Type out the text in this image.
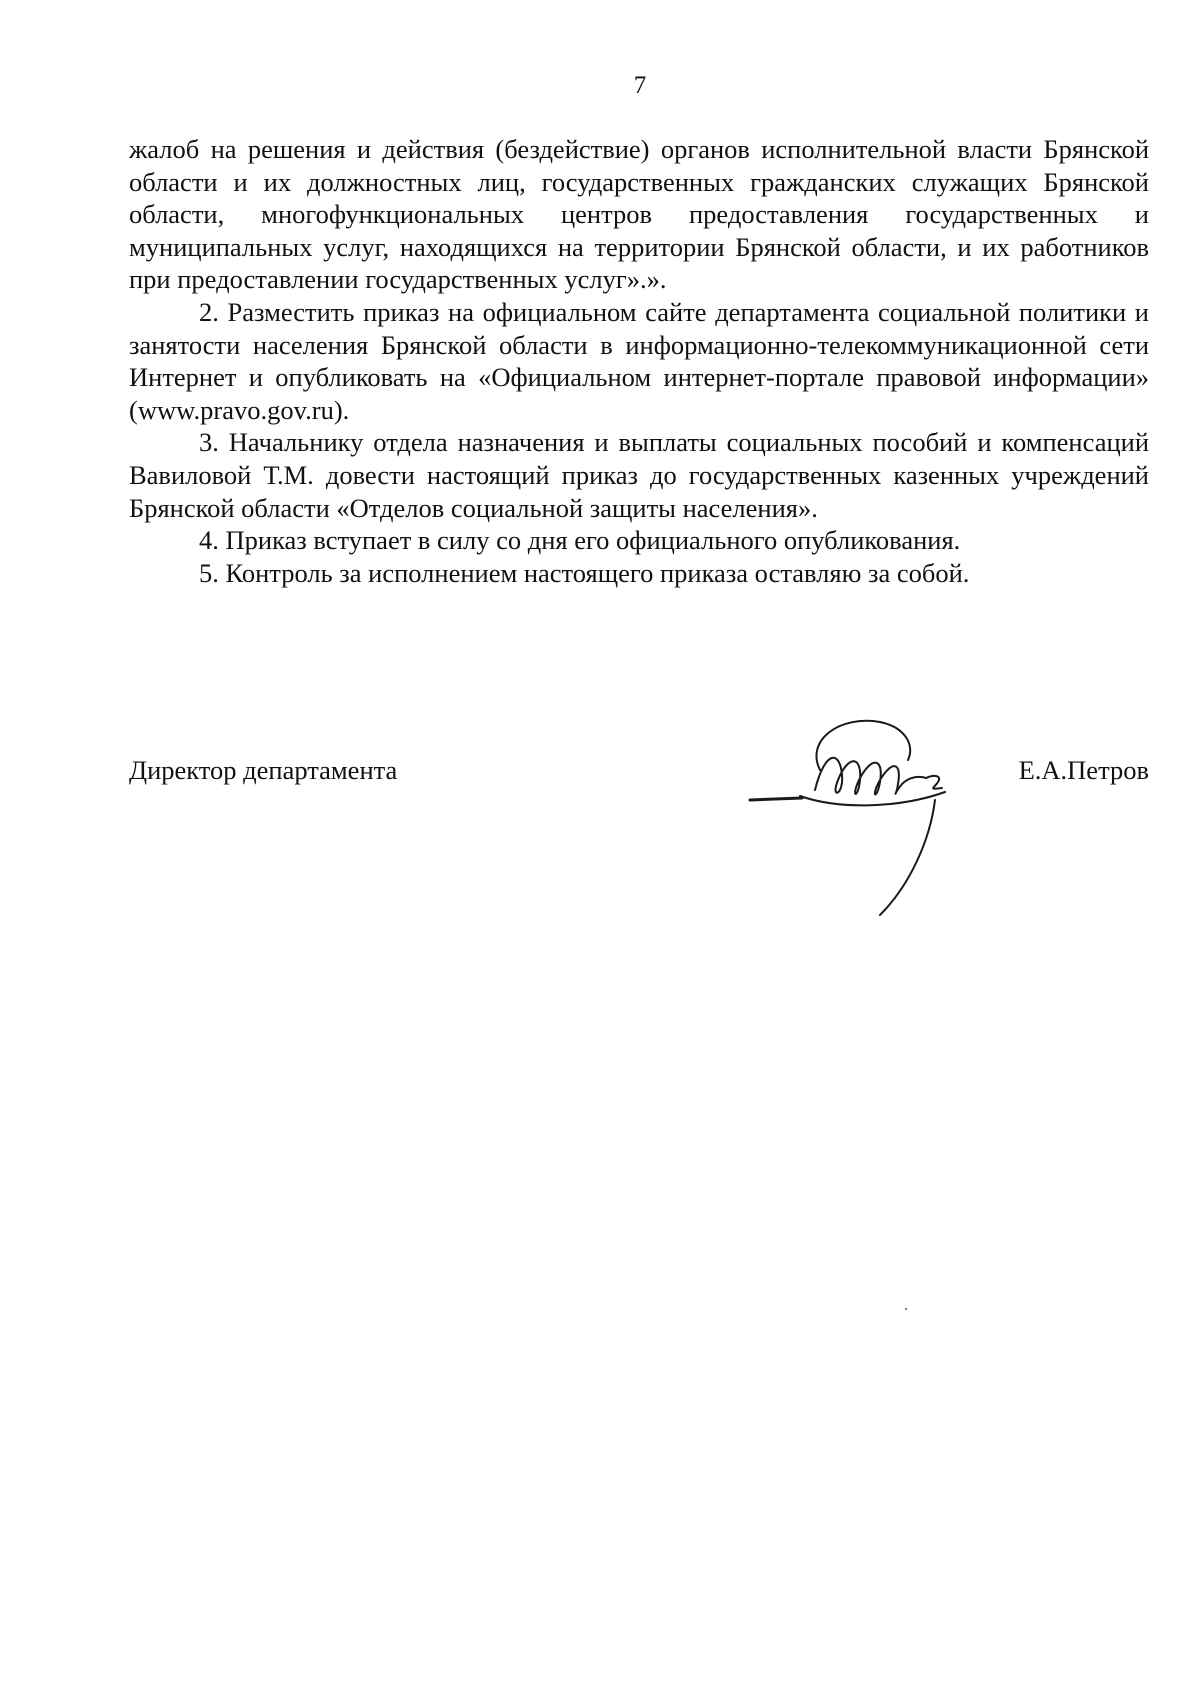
7

жалоб на решения и действия (бездействие) органов исполнительной власти Брянской области и их должностных лиц, государственных гражданских служащих Брянской области, многофункциональных центров предоставления государственных и муниципальных услуг, находящихся на территории Брянской области, и их работников при предоставлении государственных услуг».».

2. Разместить приказ на официальном сайте департамента социальной политики и занятости населения Брянской области в информационно-телекоммуникационной сети Интернет и опубликовать на «Официальном интернет-портале правовой информации» (www.pravo.gov.ru).

3. Начальнику отдела назначения и выплаты социальных пособий и компенсаций Вавиловой Т.М. довести настоящий приказ до государственных казенных учреждений Брянской области «Отделов социальной защиты населения».

4. Приказ вступает в силу со дня его официального опубликования.

5. Контроль за исполнением настоящего приказа оставляю за собой.

Директор департамента	Е.А.Петров
